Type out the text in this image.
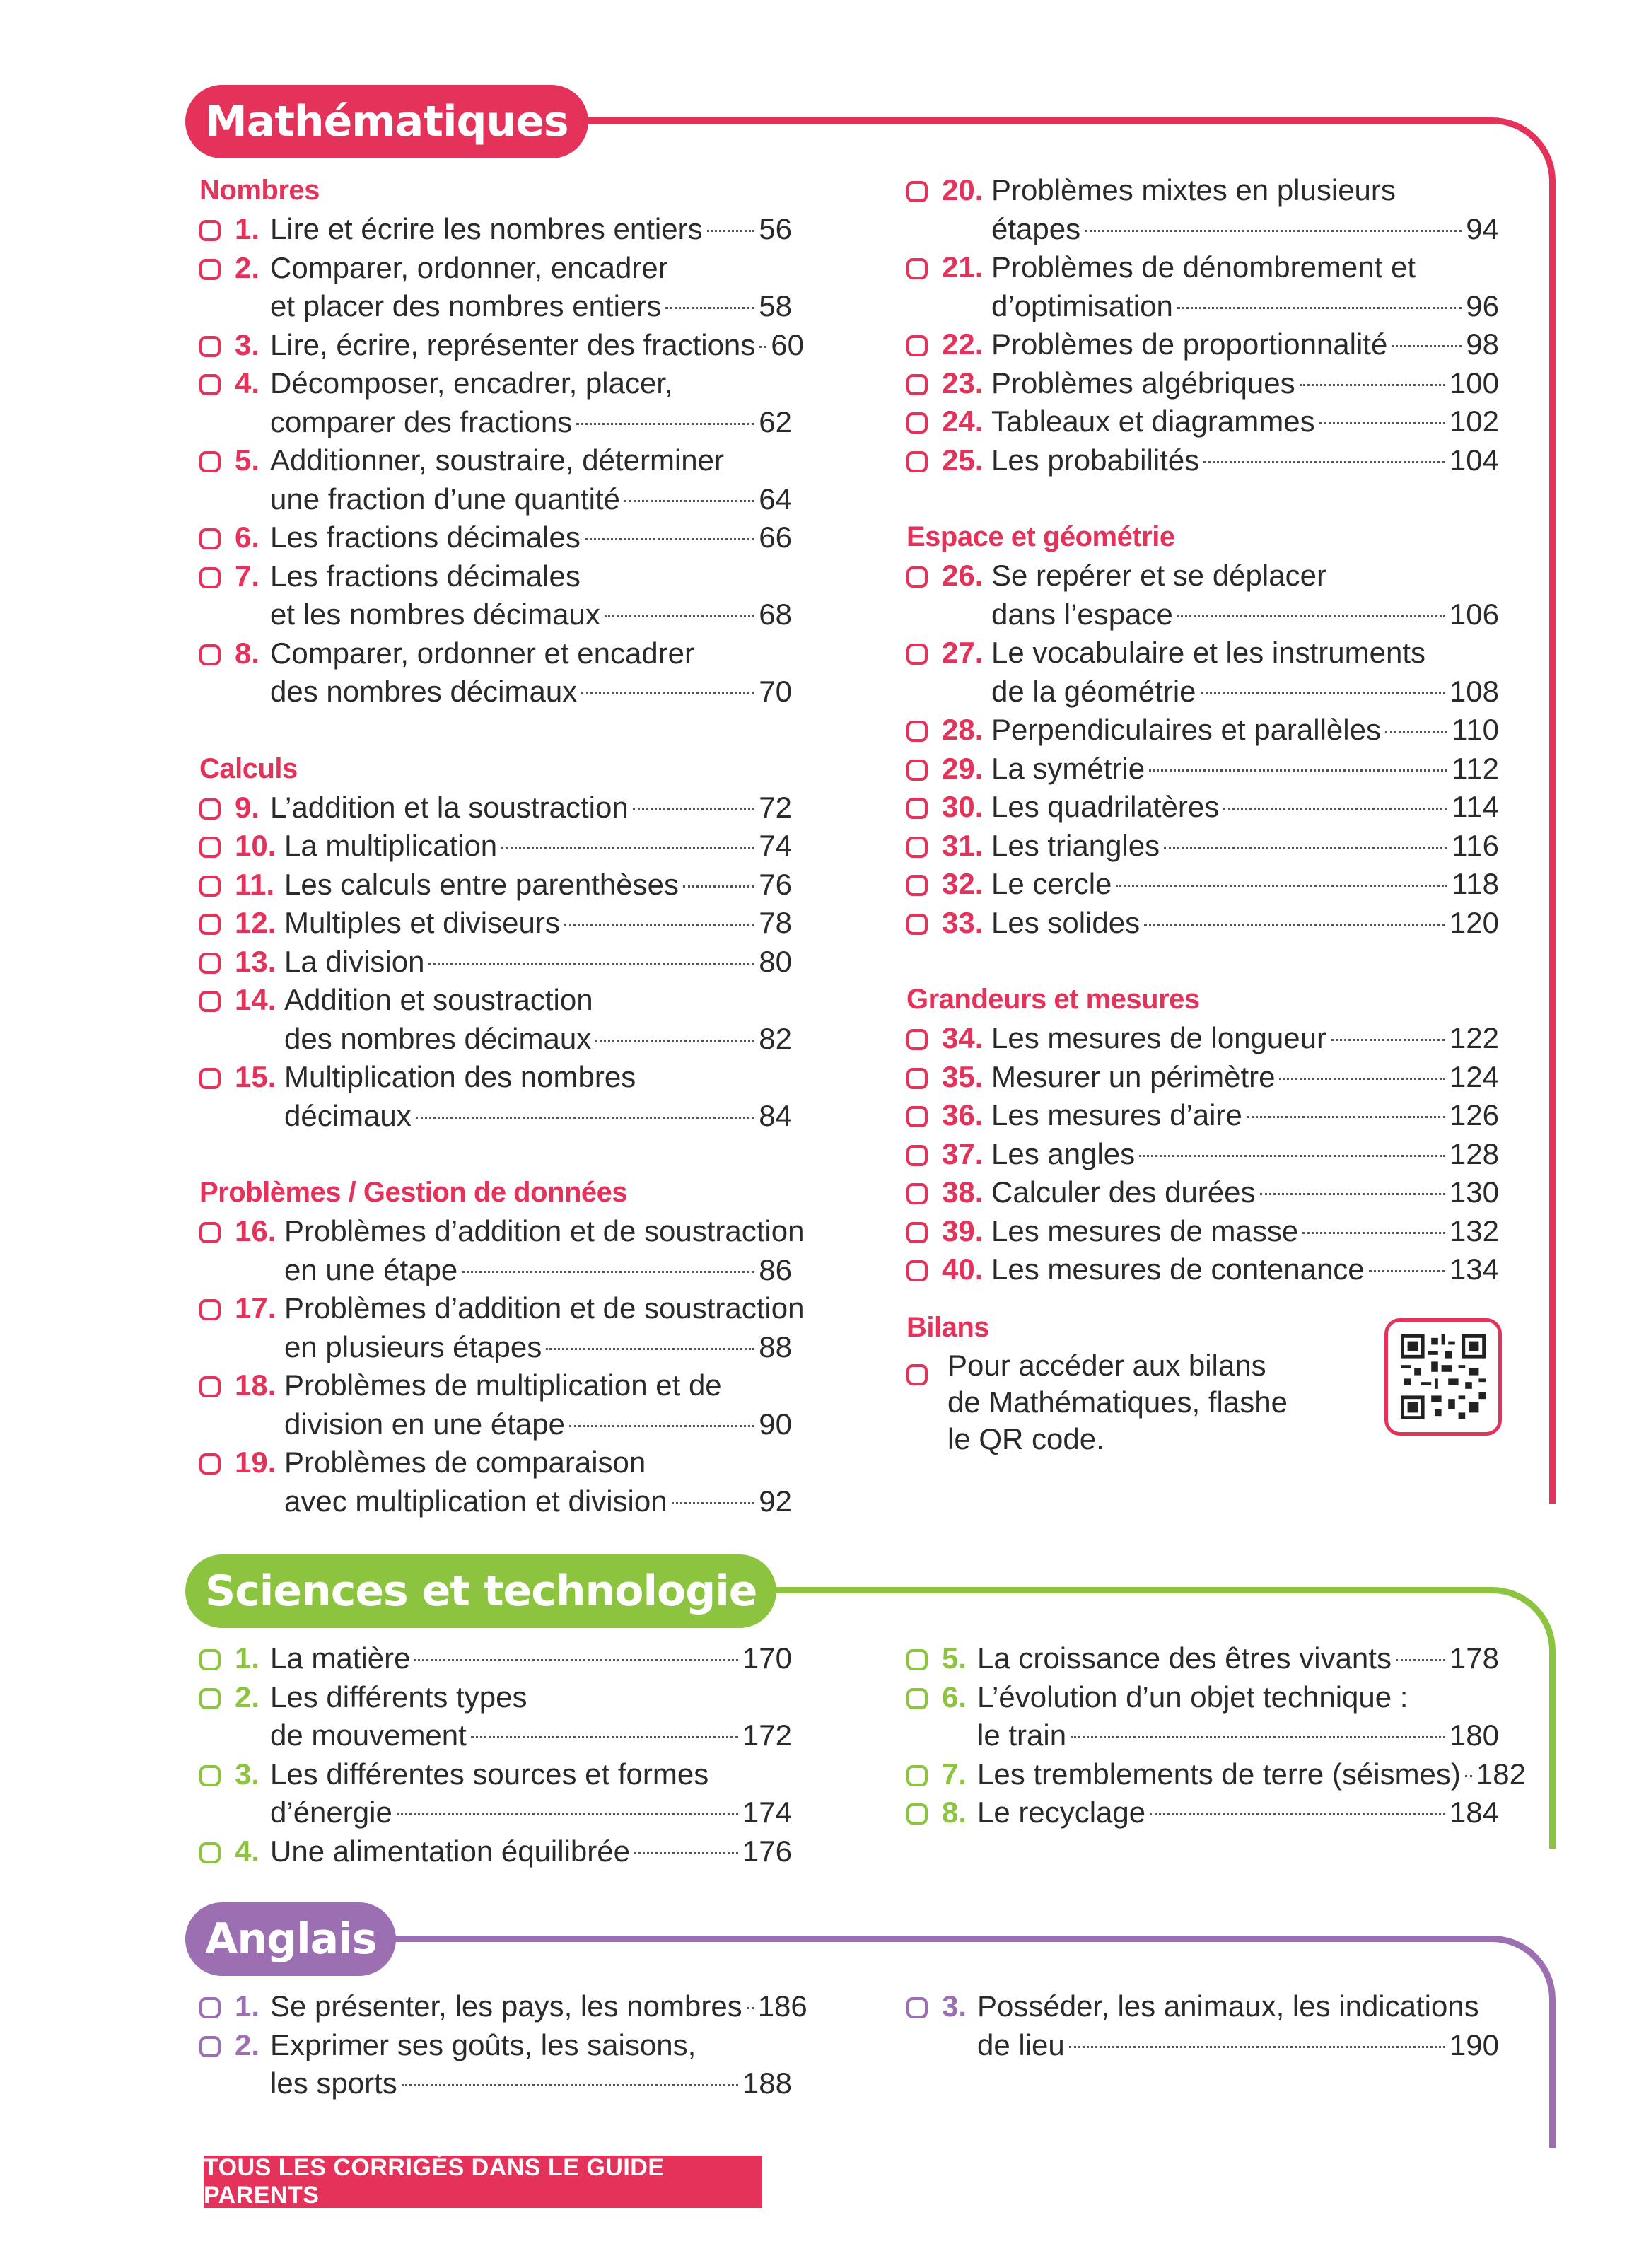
Mathématiques
Nombres
1. Lire et écrire les nombres entiers 56
2. Comparer, ordonner, encadrer
et placer des nombres entiers	58
3. Lire, écrire, représenter des fractions 60
4. Décomposer, encadrer, placer,
comparer des fractions	62
5. Additionner, soustraire, déterminer
une fraction d’une quantité	64
6. Les fractions décimales	66
7. Les fractions décimales
et les nombres décimaux	68
8. Comparer, ordonner et encadrer
des nombres décimaux	70
Calculs
9. L’addition et la soustraction	72
10. La multiplication	74
11. Les calculs entre parenthèses	76
12. Multiples et diviseurs	78
13. La division	80
14. Addition et soustraction
des nombres décimaux	82
15. Multiplication des nombres
décimaux	84
Problèmes / Gestion de données
16. Problèmes d’addition et de soustraction
en une étape	86
17. Problèmes d’addition et de soustraction
en plusieurs étapes	88
18. Problèmes de multiplication et de
division en une étape	90
19. Problèmes de comparaison
avec multiplication et division	92
20. Problèmes mixtes en plusieurs
étapes	94
21. Problèmes de dénombrement et
d’optimisation	96
22. Problèmes de proportionnalité	98
23. Problèmes algébriques	100
24. Tableaux et diagrammes	102
25. Les probabilités	104
Espace et géométrie
26. Se repérer et se déplacer
dans l’espace	106
27. Le vocabulaire et les instruments
de la géométrie	108
28. Perpendiculaires et parallèles 110
29. La symétrie	112
30. Les quadrilatères	114
31. Les triangles	116
32. Le cercle	118
33. Les solides	120
Grandeurs et mesures
34. Les mesures de longueur	122
35. Mesurer un périmètre	124
36. Les mesures d’aire	126
37. Les angles	128
38. Calculer des durées	130
39. Les mesures de masse	132
40. Les mesures de contenance	134
Bilans
Pour accéder aux bilans
de Mathématiques, flashe
le QR code.
Sciences et technologie
1. La matière	170
2. Les différents types
de mouvement	172
3. Les différentes sources et formes
d’énergie	174
4. Une alimentation équilibrée	176
5. La croissance des êtres vivants 178
6. L’évolution d’un objet technique :
le train	180
7. Les tremblements de terre (séismes) 182
8. Le recyclage	184
Anglais
1. Se présenter, les pays, les nombres 186
2. Exprimer ses goûts, les saisons,
les sports	188
3. Posséder, les animaux, les indications
de lieu	190
TOUS LES CORRIGÉS DANS LE GUIDE PARENTS
